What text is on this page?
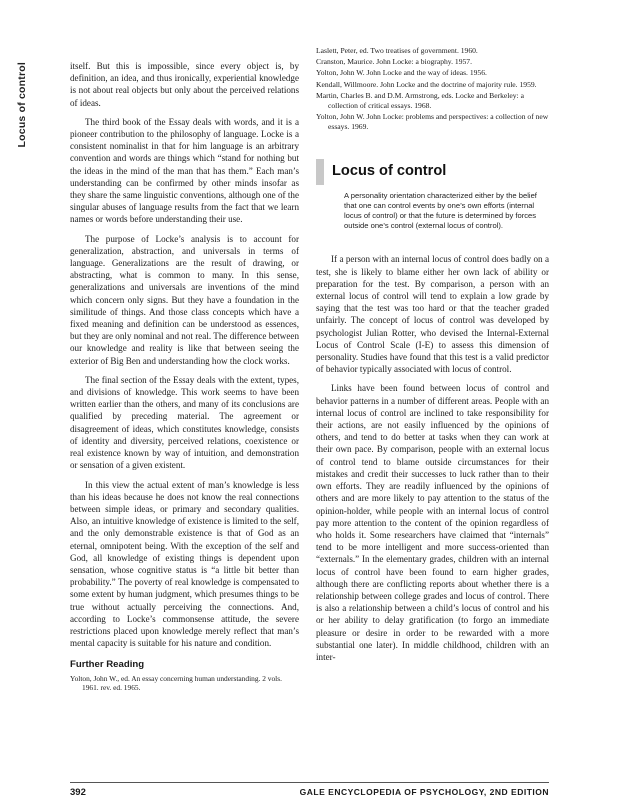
Locus of control	itself. But this is impossible, since every object is, by definition, an idea, and thus ironically, experiential knowledge is not about real objects but only about the perceived relations of ideas.

The third book of the Essay deals with words, and it is a pioneer contribution to the philosophy of language. Locke is a consistent nominalist in that for him language is an arbitrary convention and words are things which “stand for nothing but the ideas in the mind of the man that has them.” Each man’s understanding can be confirmed by other minds insofar as they share the same linguistic conventions, although one of the singular abuses of language results from the fact that we learn names or words before understanding their use.

The purpose of Locke’s analysis is to account for generalization, abstraction, and universals in terms of language. Generalizations are the result of drawing, or abstracting, what is common to many. In this sense, generalizations and universals are inventions of the mind which concern only signs. But they have a foundation in the similitude of things. And those class concepts which have a fixed meaning and definition can be understood as essences, but they are only nominal and not real. The difference between our knowledge and reality is like that between seeing the exterior of Big Ben and understanding how the clock works.

The final section of the Essay deals with the extent, types, and divisions of knowledge. This work seems to have been written earlier than the others, and many of its conclusions are qualified by preceding material. The agreement or disagreement of ideas, which constitutes knowledge, consists of identity and diversity, perceived relations, coexistence or real existence known by way of intuition, and demonstration or sensation of a given existent.

In this view the actual extent of man’s knowledge is less than his ideas because he does not know the real connections between simple ideas, or primary and secondary qualities. Also, an intuitive knowledge of existence is limited to the self, and the only demonstrable existence is that of God as an eternal, omnipotent being. With the exception of the self and God, all knowledge of existing things is dependent upon sensation, whose cognitive status is “a little bit better than probability.” The poverty of real knowledge is compensated to some extent by human judgment, which presumes things to be true without actually perceiving the connections. And, according to Locke’s commonsense attitude, the severe restrictions placed upon knowledge merely reflect that man’s mental capacity is suitable for his nature and condition.

Further Reading
Yolton, John W., ed. An essay concerning human understanding. 2 vols. 1961. rev. ed. 1965.
Laslett, Peter, ed. Two treatises of government. 1960.
Cranston, Maurice. John Locke: a biography. 1957.
Yolton, John W. John Locke and the way of ideas. 1956.
Kendall, Willmoore. John Locke and the doctrine of majority rule. 1959.
Martin, Charles B. and D.M. Armstrong, eds. Locke and Berkeley: a collection of critical essays. 1968.
Yolton, John W. John Locke: problems and perspectives: a collection of new essays. 1969.
Locus of control
A personality orientation characterized either by the belief that one can control events by one’s own efforts (internal locus of control) or that the future is determined by forces outside one’s control (external locus of control).

If a person with an internal locus of control does badly on a test, she is likely to blame either her own lack of ability or preparation for the test. By comparison, a person with an external locus of control will tend to explain a low grade by saying that the test was too hard or that the teacher graded unfairly. The concept of locus of control was developed by psychologist Julian Rotter, who devised the Internal-External Locus of Control Scale (I-E) to assess this dimension of personality. Studies have found that this test is a valid predictor of behavior typically associated with locus of control.

Links have been found between locus of control and behavior patterns in a number of different areas. People with an internal locus of control are inclined to take responsibility for their actions, are not easily influenced by the opinions of others, and tend to do better at tasks when they can work at their own pace. By comparison, people with an external locus of control tend to blame outside circumstances for their mistakes and credit their successes to luck rather than to their own efforts. They are readily influenced by the opinions of others and are more likely to pay attention to the status of the opinion-holder, while people with an internal locus of control pay more attention to the content of the opinion regardless of who holds it. Some researchers have claimed that “internals” tend to be more intelligent and more success-oriented than “externals.” In the elementary grades, children with an internal locus of control have been found to earn higher grades, although there are conflicting reports about whether there is a relationship between college grades and locus of control. There is also a relationship between a child’s locus of control and his or her ability to delay gratification (to forgo an immediate pleasure or desire in order to be rewarded with a more substantial one later). In middle childhood, children with an inter-

392	GALE ENCYCLOPEDIA OF PSYCHOLOGY, 2ND EDITION
